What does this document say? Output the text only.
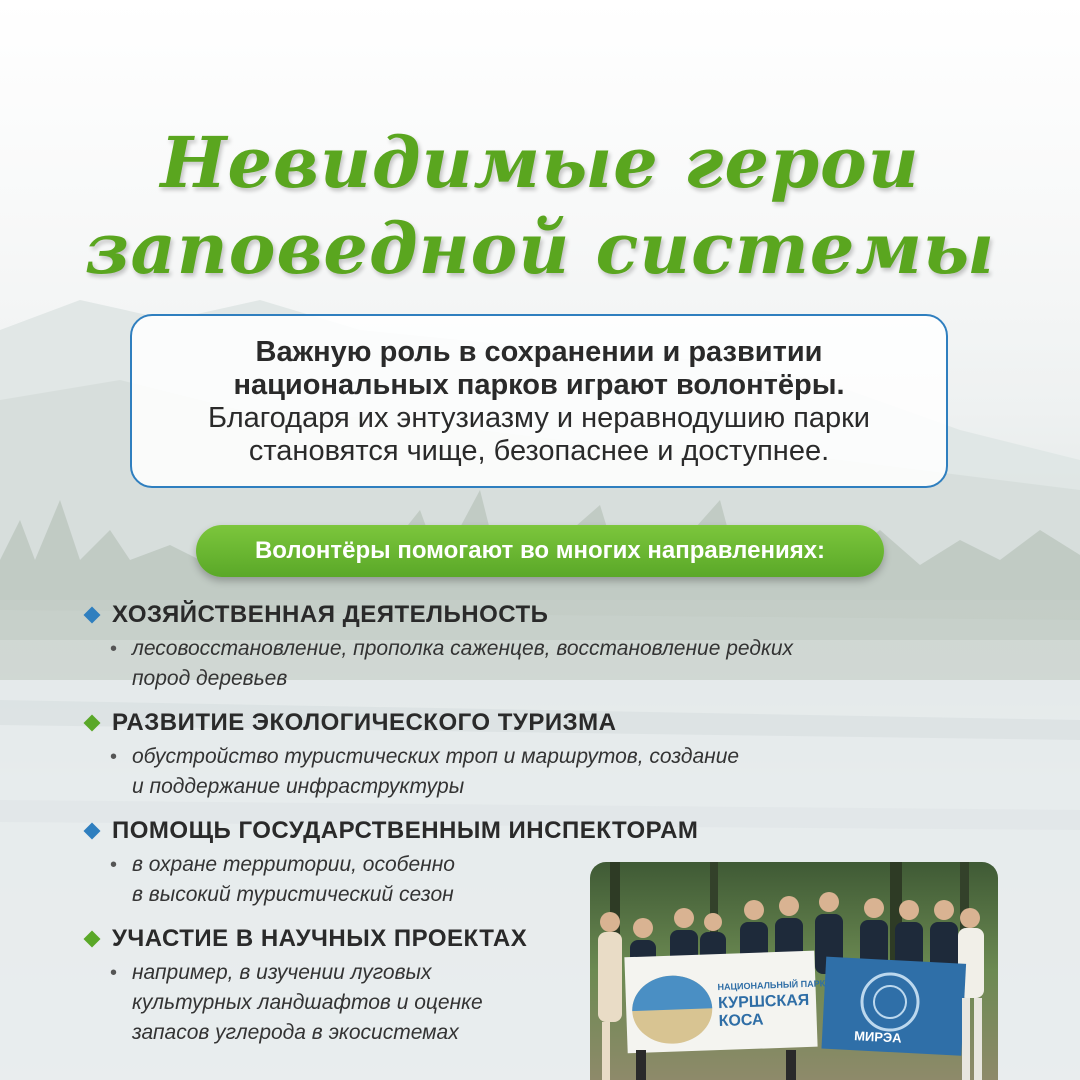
Невидимые герои
заповедной системы
Важную роль в сохранении и развитии
национальных парков играют волонтёры.
Благодаря их энтузиазму и неравнодушию парки
становятся чище, безопаснее и доступнее.
Волонтёры помогают во многих направлениях:
ХОЗЯЙСТВЕННАЯ ДЕЯТЕЛЬНОСТЬ
• лесовосстановление, прополка саженцев, восстановление редких
пород деревьев
РАЗВИТИЕ ЭКОЛОГИЧЕСКОГО ТУРИЗМА
• обустройство туристических троп и маршрутов, создание
и поддержание инфраструктуры
ПОМОЩЬ ГОСУДАРСТВЕННЫМ ИНСПЕКТОРАМ
• в охране территории, особенно
в высокий туристический сезон
УЧАСТИЕ В НАУЧНЫХ ПРОЕКТАХ
• например, в изучении луговых
культурных ландшафтов и оценке
запасов углерода в экосистемах
НАЦИОНАЛЬНЫЙ ПАРК
КУРШСКАЯ
КОСА
МИРЭА
